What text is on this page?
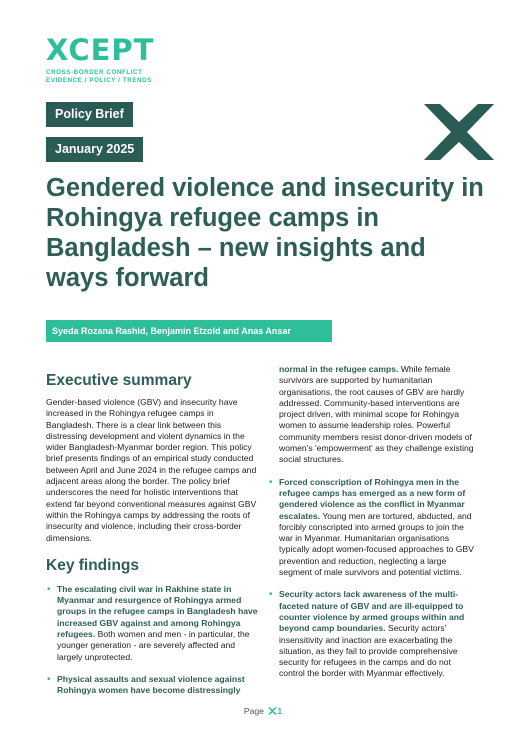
XCEPT
CROSS-BORDER CONFLICT
EVIDENCE / POLICY / TRENDS
Policy Brief
January 2025
Gendered violence and insecurity in Rohingya refugee camps in Bangladesh – new insights and ways forward
Syeda Rozana Rashid, Benjamin Etzold and Anas Ansar
Executive summary

Gender-based violence (GBV) and insecurity have increased in the Rohingya refugee camps in Bangladesh. There is a clear link between this distressing development and violent dynamics in the wider Bangladesh-Myanmar border region. This policy brief presents findings of an empirical study conducted between April and June 2024 in the refugee camps and adjacent areas along the border. The policy brief underscores the need for holistic interventions that extend far beyond conventional measures against GBV within the Rohingya camps by addressing the roots of insecurity and violence, including their cross-border dimensions.

Key findings
• The escalating civil war in Rakhine state in Myanmar and resurgence of Rohingya armed groups in the refugee camps in Bangladesh have increased GBV against and among Rohingya refugees. Both women and men - in particular, the younger generation - are severely affected and largely unprotected.
• Physical assaults and sexual violence against Rohingya women have become distressingly

normal in the refugee camps. While female survivors are supported by humanitarian organisations, the root causes of GBV are hardly addressed. Community-based interventions are project driven, with minimal scope for Rohingya women to assume leadership roles. Powerful community members resist donor-driven models of women's 'empowerment' as they challenge existing social structures.

• Forced conscription of Rohingya men in the refugee camps has emerged as a new form of gendered violence as the conflict in Myanmar escalates. Young men are tortured, abducted, and forcibly conscripted into armed groups to join the war in Myanmar. Humanitarian organisations typically adopt women-focused approaches to GBV prevention and reduction, neglecting a large segment of male survivors and potential victims.
• Security actors lack awareness of the multi-faceted nature of GBV and are ill-equipped to counter violence by armed groups within and beyond camp boundaries. Security actors' insensitivity and inaction are exacerbating the situation, as they fail to provide comprehensive security for refugees in the camps and do not control the border with Myanmar effectively.
Page 1
